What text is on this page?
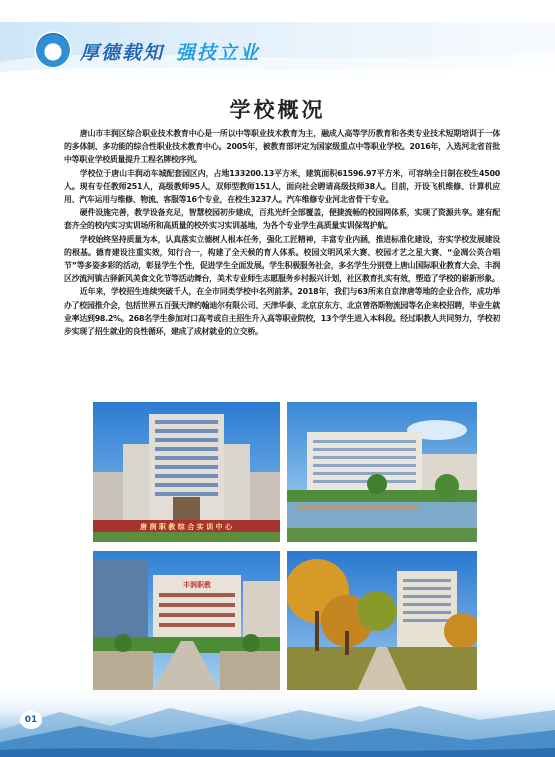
厚德载知 强技立业
学校概况

唐山市丰润区综合职业技术教育中心是一所以中等职业技术教育为主，融成人高等学历教育和各类专业技术短期培训于一体的多体制、多功能的综合性职业技术教育中心。2005年，被教育部评定为国家级重点中等职业学校。2016年，入选河北省首批中等职业学校质量提升工程名牌校序列。

学校位于唐山丰润动车城配套园区内，占地133200.13平方米，建筑面积61596.97平方米，可容纳全日制在校生4500人。现有专任教师251人，高级教师95人，双师型教师151人，面向社会聘请高级技师38人。目前，开设飞机维修、计算机应用、汽车运用与维修、物流、客服等16个专业，在校生3237人。汽车维修专业河北省骨干专业。

硬件设施完善，教学设备充足，智慧校园初步建成，百兆光纤全部覆盖，便捷流畅的校园网体系，实现了资源共享。建有配套齐全的校内实习实训场所和高质量的校外实习实训基地，为各个专业学生高质量实训保驾护航。

学校始终坚持质量为本，认真落实立德树人根本任务，强化工匠精神，丰富专业内涵，推进标准化建设，夯实学校发展建设的根基。德育建设注重实效，知行合一，构建了全天候的育人体系。校园文明风采大赛、校园才艺之星大赛、“金凋公英合唱节”等多姿多彩的活动，彰显学生个性，促进学生全面发展。学生积极服务社会，多名学生分别登上唐山国际职业教育大会、丰润区沙流河镇古驿新风美食文化节等活动舞台，美术专业师生志愿服务乡村振兴计划，社区教育扎实有效，塑造了学校的崭新形象。

近年来，学校招生连续突破千人，在全市同类学校中名列前茅。2018年，我们与63所来自京津唐等地的企业合作，成功举办了校园推介会，包括世界五百强天津约翰迪尔有限公司、天津华泰、北京京东方、北京曾洛斯物流园等名企来校招聘，毕业生就业率达到98.2%。268名学生参加对口高考或自主招生升入高等职业院校，13个学生进入本科段。经过职教人共同努力，学校初步实现了招生就业的良性循环，建成了成材就业的立交桥。

唐 润 职 教 综 合 实 训 中 心
丰润职教
01
